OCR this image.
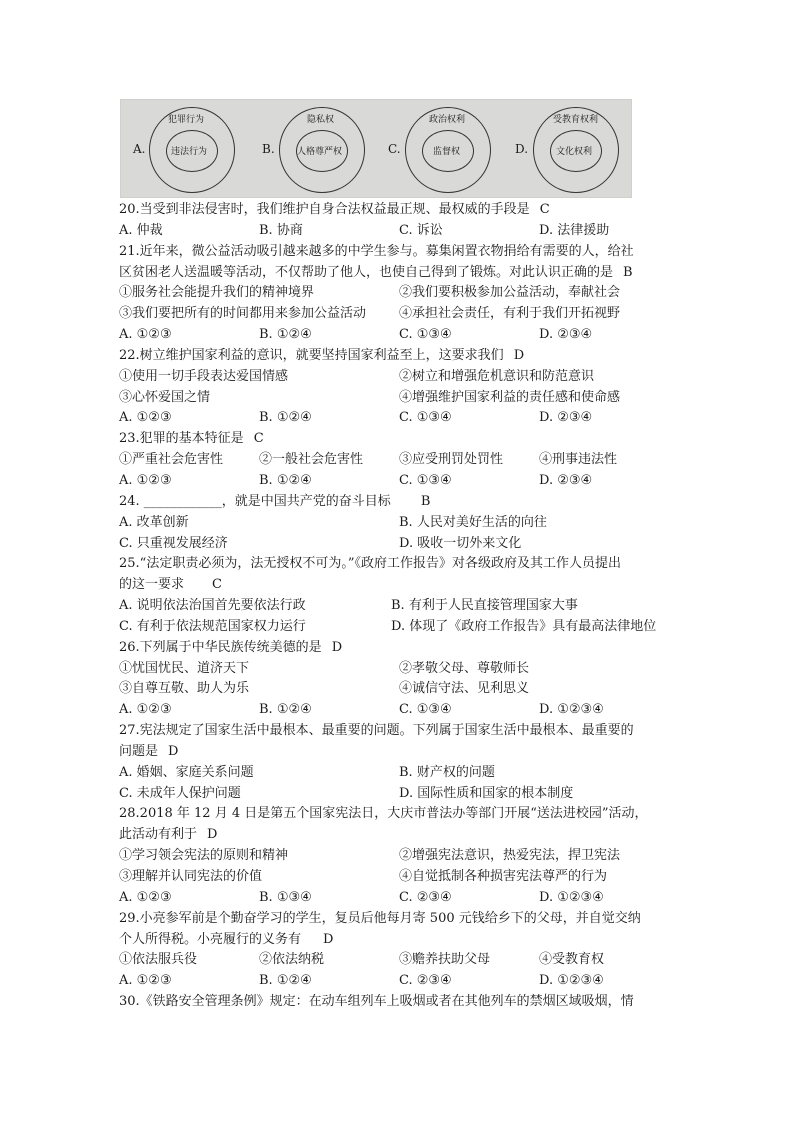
A.
犯罪行为
违法行为	B.
隐私权
人格尊严权	C.
政治权利
监督权	D.
受教育权利
文化权利
20.当受到非法侵害时，我们维护自身合法权益最正规、最权威的手段是 C
A. 仲裁	B. 协商	C. 诉讼	D. 法律援助
21.近年来，微公益活动吸引越来越多的中学生参与。募集闲置衣物捐给有需要的人，给社
区贫困老人送温暖等活动，不仅帮助了他人，也使自己得到了锻炼。对此认识正确的是 B
①服务社会能提升我们的精神境界	②我们要积极参加公益活动，奉献社会
③我们要把所有的时间都用来参加公益活动	④承担社会责任，有利于我们开拓视野
A. ①②③	B. ①②④	C. ①③④	D. ②③④
22.树立维护国家利益的意识，就要坚持国家利益至上，这要求我们 D
①使用一切手段表达爱国情感	②树立和增强危机意识和防范意识
③心怀爱国之情	④增强维护国家利益的责任感和使命感
A. ①②③	B. ①②④	C. ①③④	D. ②③④
23.犯罪的基本特征是 C
①严重社会危害性	②一般社会危害性	③应受刑罚处罚性	④刑事违法性
A. ①②③	B. ①②④	C. ①③④	D. ②③④
24. ____________，就是中国共产党的奋斗目标 B
A. 改革创新	B. 人民对美好生活的向往
C. 只重视发展经济	D. 吸收一切外来文化
25.“法定职责必须为，法无授权不可为。”《政府工作报告》对各级政府及其工作人员提出
的这一要求 C
A. 说明依法治国首先要依法行政	B. 有利于人民直接管理国家大事
C. 有利于依法规范国家权力运行	D. 体现了《政府工作报告》具有最高法律地位
26.下列属于中华民族传统美德的是 D
①忧国忧民、道济天下	②孝敬父母、尊敬师长
③自尊互敬、助人为乐	④诚信守法、见利思义
A. ①②③	B. ①②④	C. ①③④	D. ①②③④
27.宪法规定了国家生活中最根本、最重要的问题。下列属于国家生活中最根本、最重要的
问题是 D
A. 婚姻、家庭关系问题	B. 财产权的问题
C. 未成年人保护问题	D. 国际性质和国家的根本制度
28.2018 年 12 月 4 日是第五个国家宪法日，大庆市普法办等部门开展“送法进校园”活动，
此活动有利于 D
①学习领会宪法的原则和精神	②增强宪法意识，热爱宪法，捍卫宪法
③理解并认同宪法的价值	④自觉抵制各种损害宪法尊严的行为
A. ①②③	B. ①③④	C. ②③④	D. ①②③④
29.小亮参军前是个勤奋学习的学生，复员后他每月寄 500 元钱给乡下的父母，并自觉交纳
个人所得税。小亮履行的义务有 D
①依法服兵役	②依法纳税	③赡养扶助父母	④受教育权
A. ①②③	B. ①②④	C. ②③④	D. ①②③④
30.《铁路安全管理条例》规定：在动车组列车上吸烟或者在其他列车的禁烟区域吸烟，情
